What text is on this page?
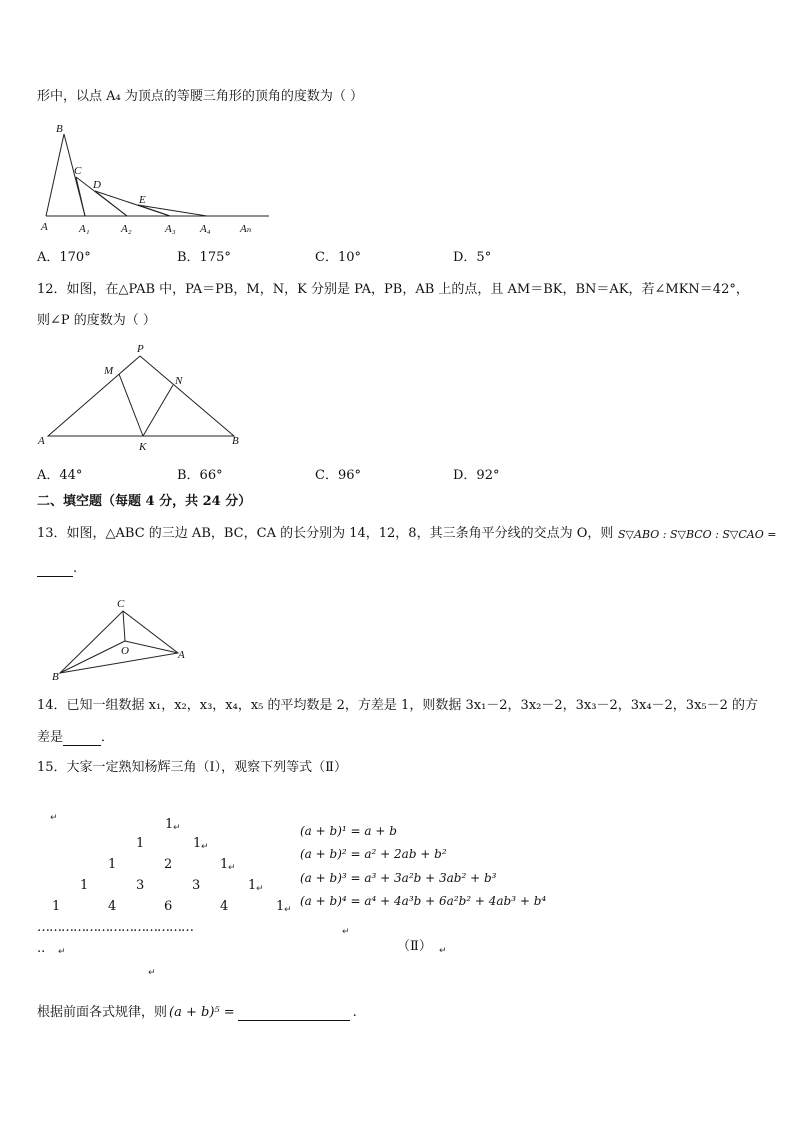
形中，以点 A₄ 为顶点的等腰三角形的顶角的度数为（ ）
B
C
D
E
A	A₁	A₂	A₃ A₄	Aₙ
A．170°	B．175°	C．10°	D．5°
12．如图，在△PAB 中，PA＝PB，M，N，K 分别是 PA，PB，AB 上的点，且 AM＝BK，BN＝AK，若∠MKN＝42°，
则∠P 的度数为（ ）
P
M
N
A	K	B
A．44°	B．66°	C．96°	D．92°
二、填空题（每题 4 分，共 24 分）
13．如图，△ABC 的三边 AB，BC，CA 的长分别为 14，12，8，其三条角平分线的交点为 O，则 S▽ABO : S▽BCO : S▽CAO =
.
C
O	A
B
14．已知一组数据 x₁，x₂，x₃，x₄，x₅ 的平均数是 2，方差是 1，则数据 3x₁－2，3x₂－2，3x₃－2，3x₄－2，3x₅－2 的方
差是	．
15．大家一定熟知杨辉三角（Ⅰ），观察下列等式（Ⅱ）
↵	1 ↵
1	1 ↵
1	2	1 ↵
1	3	3	1 ↵
1	4	6	4	1 ↵
…………………………………
.. ↵
↵
(a + b)¹ = a + b
(a + b)² = a² + 2ab + b²
(a + b)³ = a³ + 3a²b + 3ab² + b³
(a + b)⁴ = a⁴ + 4a³b + 6a²b² + 4ab³ + b⁴
↵
（Ⅱ） ↵
根据前面各式规律，则 (a + b)⁵ =	.
